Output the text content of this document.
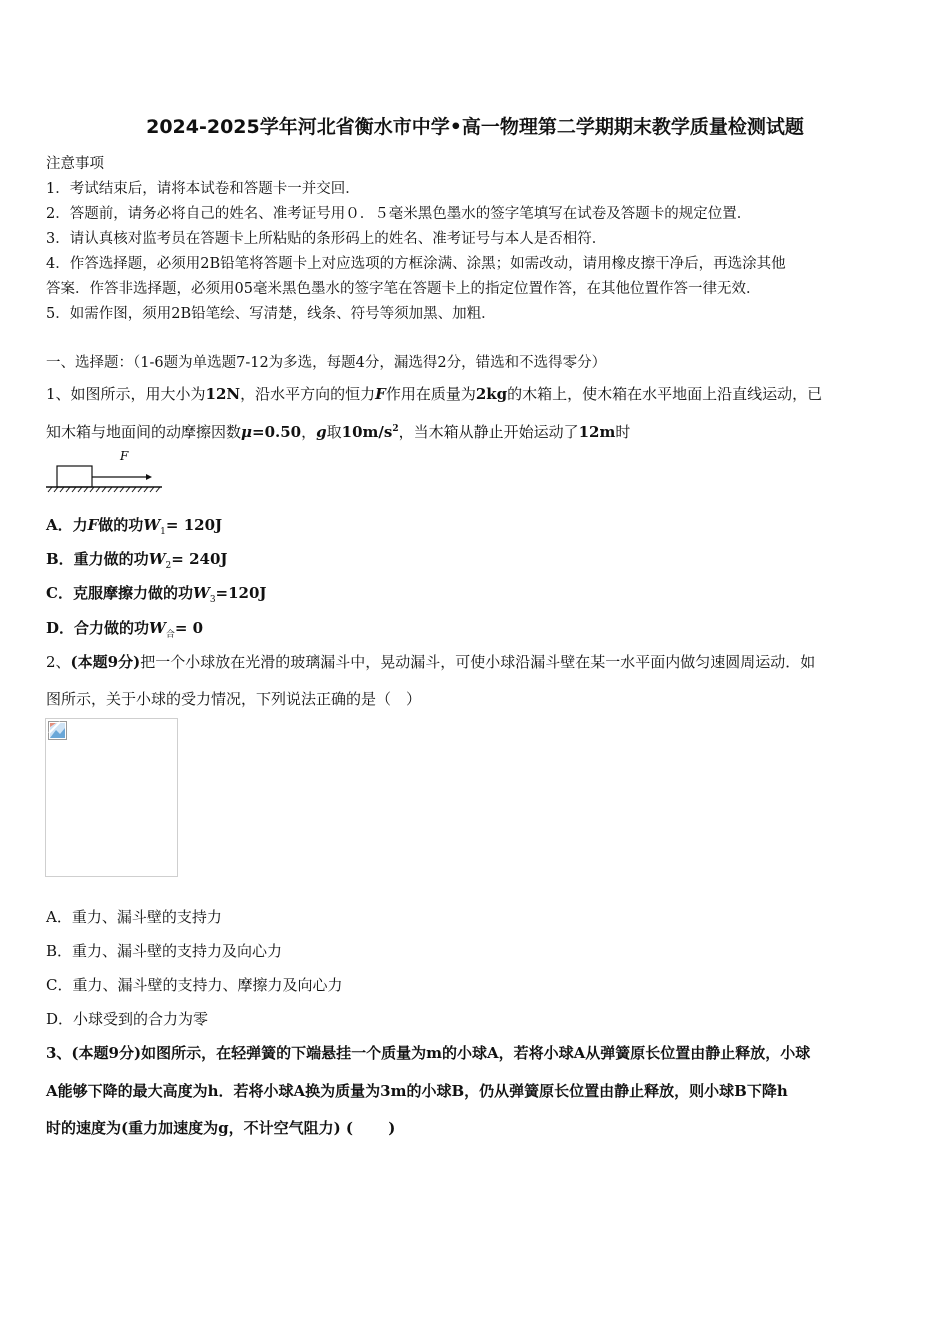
2024-2025学年河北省衡水市中学•高一物理第二学期期末教学质量检测试题
注意事项
1．考试结束后，请将本试卷和答题卡一并交回．
2．答题前，请务必将自己的姓名、准考证号用０．５毫米黑色墨水的签字笔填写在试卷及答题卡的规定位置．
3．请认真核对监考员在答题卡上所粘贴的条形码上的姓名、准考证号与本人是否相符．
4．作答选择题，必须用2B铅笔将答题卡上对应选项的方框涂满、涂黑；如需改动，请用橡皮擦干净后，再选涂其他
答案．作答非选择题，必须用05毫米黑色墨水的签字笔在答题卡上的指定位置作答，在其他位置作答一律无效．
5．如需作图，须用2B铅笔绘、写清楚，线条、符号等须加黑、加粗．
一、选择题：（1-6题为单选题7-12为多选，每题4分，漏选得2分，错选和不选得零分）
1、如图所示，用大小为12N，沿水平方向的恒力F作用在质量为2kg的木箱上，使木箱在水平地面上沿直线运动，已
知木箱与地面间的动摩擦因数μ=0.50，g取$10m/s^2$，当木箱从静止开始运动了12m时
F
A．力F做的功$W_1= 120J$
B．重力做的功$W_2= 240J$
C．克服摩擦力做的功$W_3=120J$
D．合力做的功$W_合= 0$
2、(本题9分)把一个小球放在光滑的玻璃漏斗中，晃动漏斗，可使小球沿漏斗壁在某一水平面内做匀速圆周运动．如
图所示，关于小球的受力情况，下列说法正确的是（　）
A．重力、漏斗壁的支持力
B．重力、漏斗壁的支持力及向心力
C．重力、漏斗壁的支持力、摩擦力及向心力
D．小球受到的合力为零
3、(本题9分)如图所示，在轻弹簧的下端悬挂一个质量为m的小球A，若将小球A从弹簧原长位置由静止释放，小球
A能够下降的最大高度为h．若将小球A换为质量为3m的小球B，仍从弹簧原长位置由静止释放，则小球B下降h
时的速度为(重力加速度为g，不计空气阻力) (　　 )
